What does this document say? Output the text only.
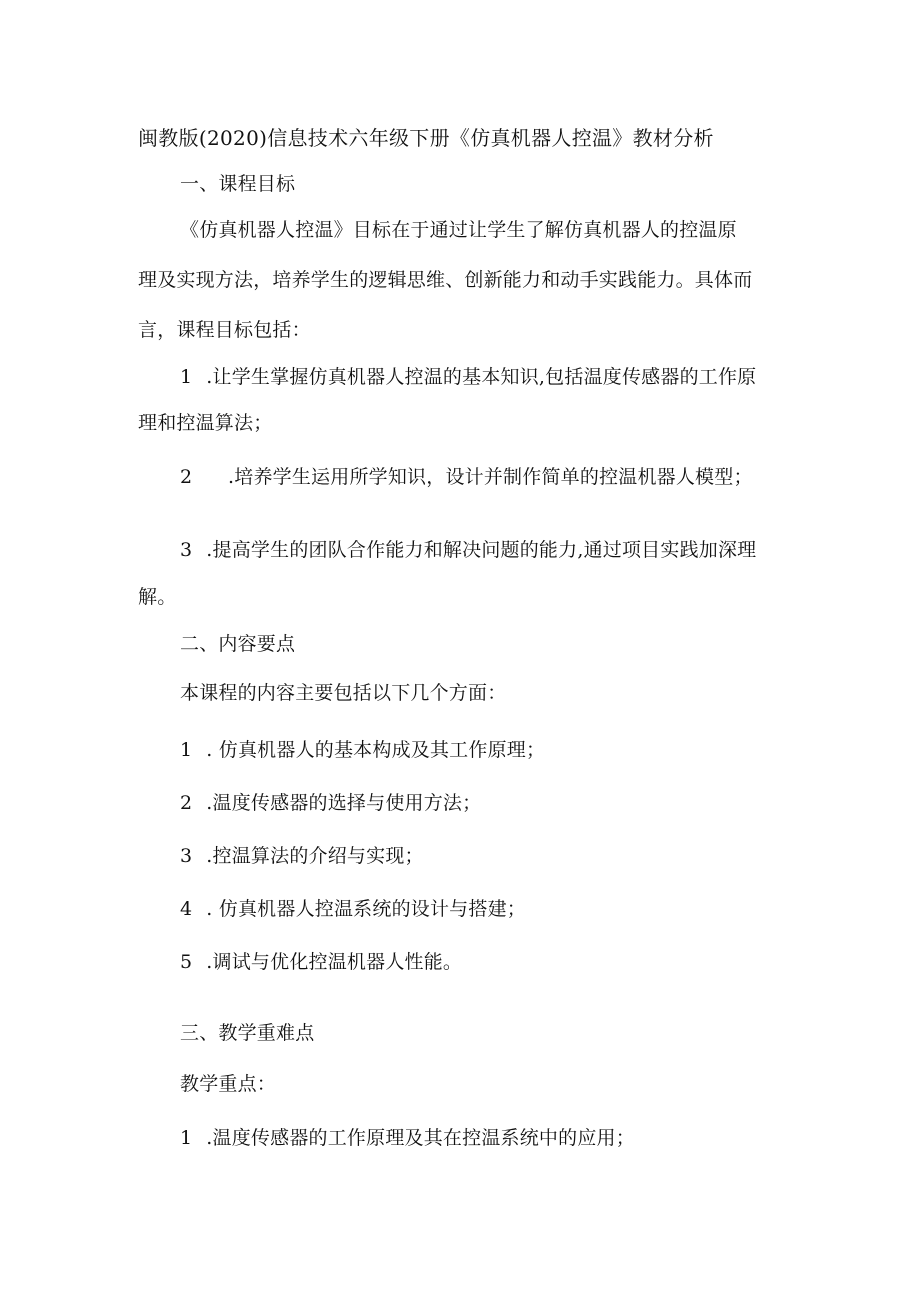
闽教版(2020)信息技术六年级下册《仿真机器人控温》教材分析
一、课程目标
《仿真机器人控温》目标在于通过让学生了解仿真机器人的控温原
理及实现方法，培养学生的逻辑思维、创新能力和动手实践能力。具体而
言，课程目标包括：
1 .让学生掌握仿真机器人控温的基本知识,包括温度传感器的工作原
理和控温算法；
2 .培养学生运用所学知识，设计并制作简单的控温机器人模型；
3 .提高学生的团队合作能力和解决问题的能力,通过项目实践加深理
解。
二、内容要点
本课程的内容主要包括以下几个方面：
1 . 仿真机器人的基本构成及其工作原理；
2 .温度传感器的选择与使用方法；
3 .控温算法的介绍与实现；
4 . 仿真机器人控温系统的设计与搭建；
5 .调试与优化控温机器人性能。
三、教学重难点
教学重点：
1 .温度传感器的工作原理及其在控温系统中的应用；
